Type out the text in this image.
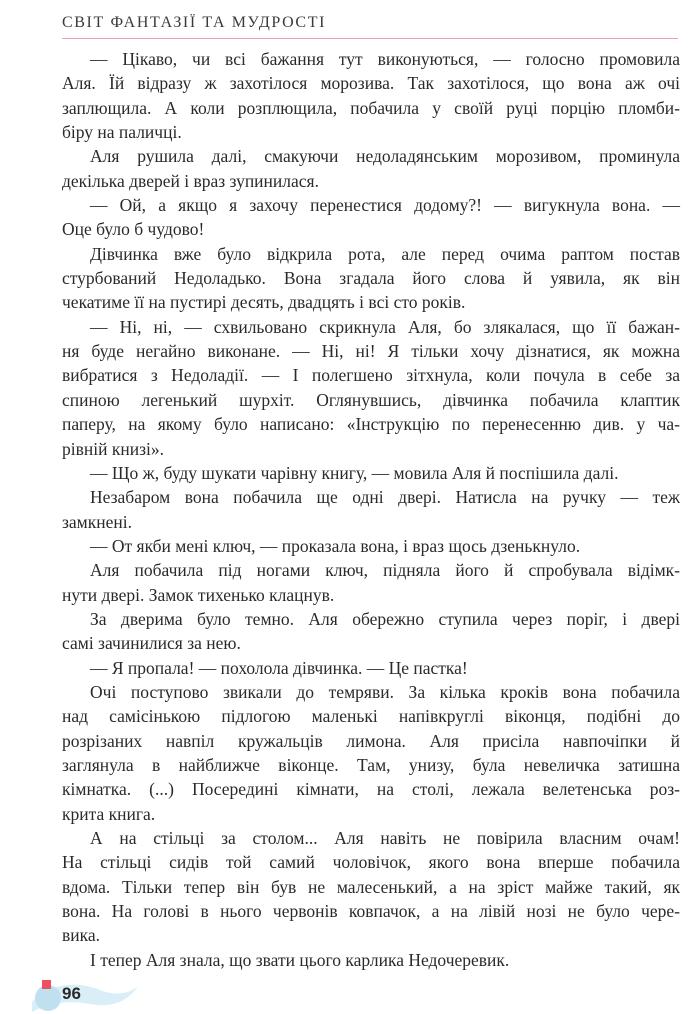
СВІТ ФАНТАЗІЇ ТА МУДРОСТІ
— Цікаво, чи всі бажання тут виконуються, — голосно промовила
Аля. Їй відразу ж захотілося морозива. Так захотілося, що вона аж очі
заплющила. А коли розплющила, побачила у своїй руці порцію пломби-
біру на паличці.
Аля рушила далі, смакуючи недоладянським морозивом, проминула
декілька дверей і враз зупинилася.
— Ой, а якщо я захочу перенестися додому?! — вигукнула вона. —
Оце було б чудово!
Дівчинка вже було відкрила рота, але перед очима раптом постав
стурбований Недоладько. Вона згадала його слова й уявила, як він
чекатиме її на пустирі десять, двадцять і всі сто років.
— Ні, ні, — схвильовано скрикнула Аля, бо злякалася, що її бажан-
ня буде негайно виконане. — Ні, ні! Я тільки хочу дізнатися, як можна
вибратися з Недоладії. — І полегшено зітхнула, коли почула в себе за
спиною легенький шурхіт. Оглянувшись, дівчинка побачила клаптик
паперу, на якому було написано: «Інструкцію по перенесенню див. у ча-
рівній книзі».
— Що ж, буду шукати чарівну книгу, — мовила Аля й поспішила далі.
Незабаром вона побачила ще одні двері. Натисла на ручку — теж
замкнені.
— От якби мені ключ, — проказала вона, і враз щось дзенькнуло.
Аля побачила під ногами ключ, підняла його й спробувала відімк-
нути двері. Замок тихенько клацнув.
За дверима було темно. Аля обережно ступила через поріг, і двері
самі зачинилися за нею.
— Я пропала! — похолола дівчинка. — Це пастка!
Очі поступово звикали до темряви. За кілька кроків вона побачила
над самісінькою підлогою маленькі напівкруглі віконця, подібні до
розрізаних навпіл кружальців лимона. Аля присіла навпочіпки й
заглянула в найближче віконце. Там, унизу, була невеличка затишна
кімнатка. (...) Посередині кімнати, на столі, лежала велетенська роз-
крита книга.
А на стільці за столом... Аля навіть не повірила власним очам!
На стільці сидів той самий чоловічок, якого вона вперше побачила
вдома. Тільки тепер він був не малесенький, а на зріст майже такий, як
вона. На голові в нього червонів ковпачок, а на лівій нозі не було чере-
вика.
І тепер Аля знала, що звати цього карлика Недочеревик.
96
